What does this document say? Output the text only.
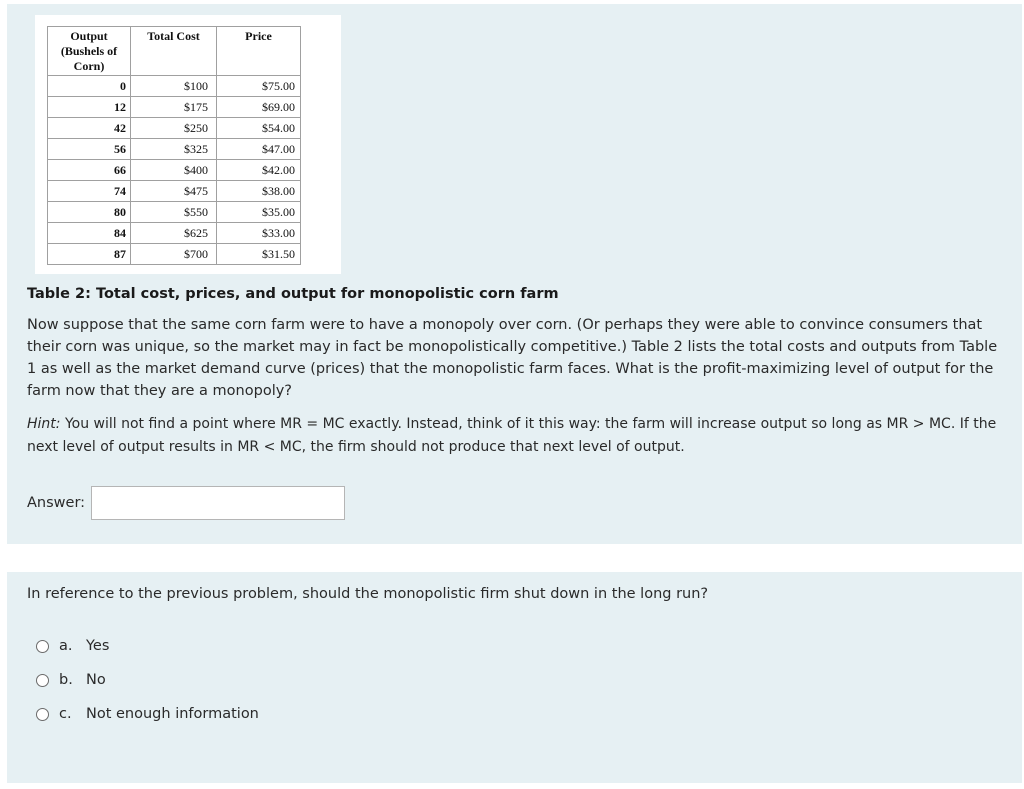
Output
(Bushels of
Corn)	Total Cost	Price
0	$100	$75.00
12	$175	$69.00
42	$250	$54.00
56	$325	$47.00
66	$400	$42.00
74	$475	$38.00
80	$550	$35.00
84	$625	$33.00
87	$700	$31.50
Table 2: Total cost, prices, and output for monopolistic corn farm
Now suppose that the same corn farm were to have a monopoly over corn. (Or perhaps they were able to convince consumers that their corn was unique, so the market may in fact be monopolistically competitive.) Table 2 lists the total costs and outputs from Table 1 as well as the market demand curve (prices) that the monopolistic farm faces. What is the profit-maximizing level of output for the farm now that they are a monopoly?
Hint: You will not find a point where MR = MC exactly. Instead, think of it this way: the farm will increase output so long as MR > MC. If the next level of output results in MR < MC, the firm should not produce that next level of output.
Answer:
In reference to the previous problem, should the monopolistic firm shut down in the long run?
a. Yes
b. No
c. Not enough information
